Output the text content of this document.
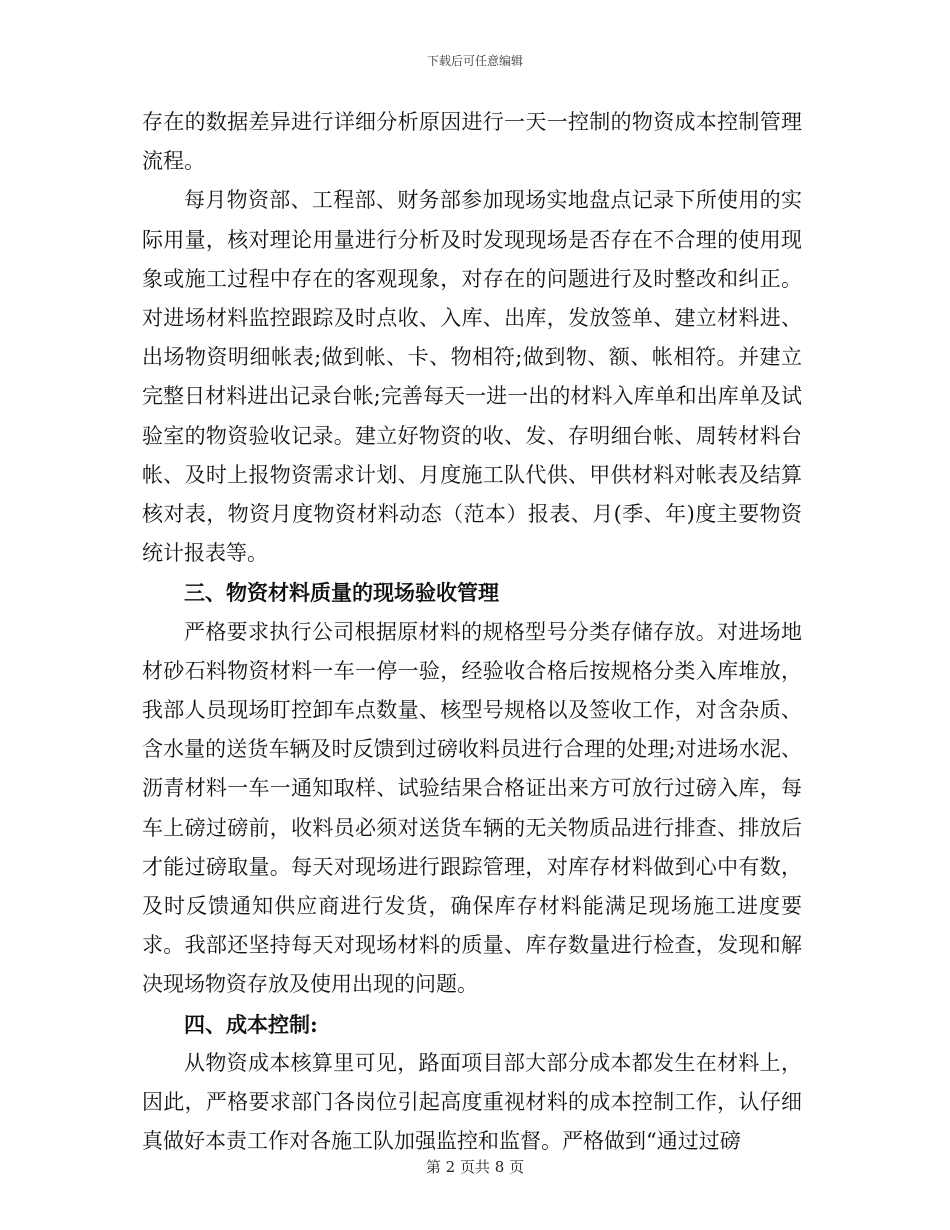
下载后可任意编辑

存在的数据差异进行详细分析原因进行一天一控制的物资成本控制管理流程。

每月物资部、工程部、财务部参加现场实地盘点记录下所使用的实际用量，核对理论用量进行分析及时发现现场是否存在不合理的使用现象或施工过程中存在的客观现象，对存在的问题进行及时整改和纠正。对进场材料监控跟踪及时点收、入库、出库，发放签单、建立材料进、出场物资明细帐表;做到帐、卡、物相符;做到物、额、帐相符。并建立完整日材料进出记录台帐;完善每天一进一出的材料入库单和出库单及试验室的物资验收记录。建立好物资的收、发、存明细台帐、周转材料台帐、及时上报物资需求计划、月度施工队代供、甲供材料对帐表及结算核对表，物资月度物资材料动态（范本）报表、月(季、年)度主要物资统计报表等。

三、物资材料质量的现场验收管理

严格要求执行公司根据原材料的规格型号分类存储存放。对进场地材砂石料物资材料一车一停一验，经验收合格后按规格分类入库堆放，我部人员现场盯控卸车点数量、核型号规格以及签收工作，对含杂质、含水量的送货车辆及时反馈到过磅收料员进行合理的处理;对进场水泥、沥青材料一车一通知取样、试验结果合格证出来方可放行过磅入库，每车上磅过磅前，收料员必须对送货车辆的无关物质品进行排查、排放后才能过磅取量。每天对现场进行跟踪管理，对库存材料做到心中有数，及时反馈通知供应商进行发货，确保库存材料能满足现场施工进度要求。我部还坚持每天对现场材料的质量、库存数量进行检查，发现和解决现场物资存放及使用出现的问题。

四、成本控制:

从物资成本核算里可见，路面项目部大部分成本都发生在材料上，因此，严格要求部门各岗位引起高度重视材料的成本控制工作，认仔细真做好本责工作对各施工队加强监控和监督。严格做到“通过过磅

第 2 页共 8 页
